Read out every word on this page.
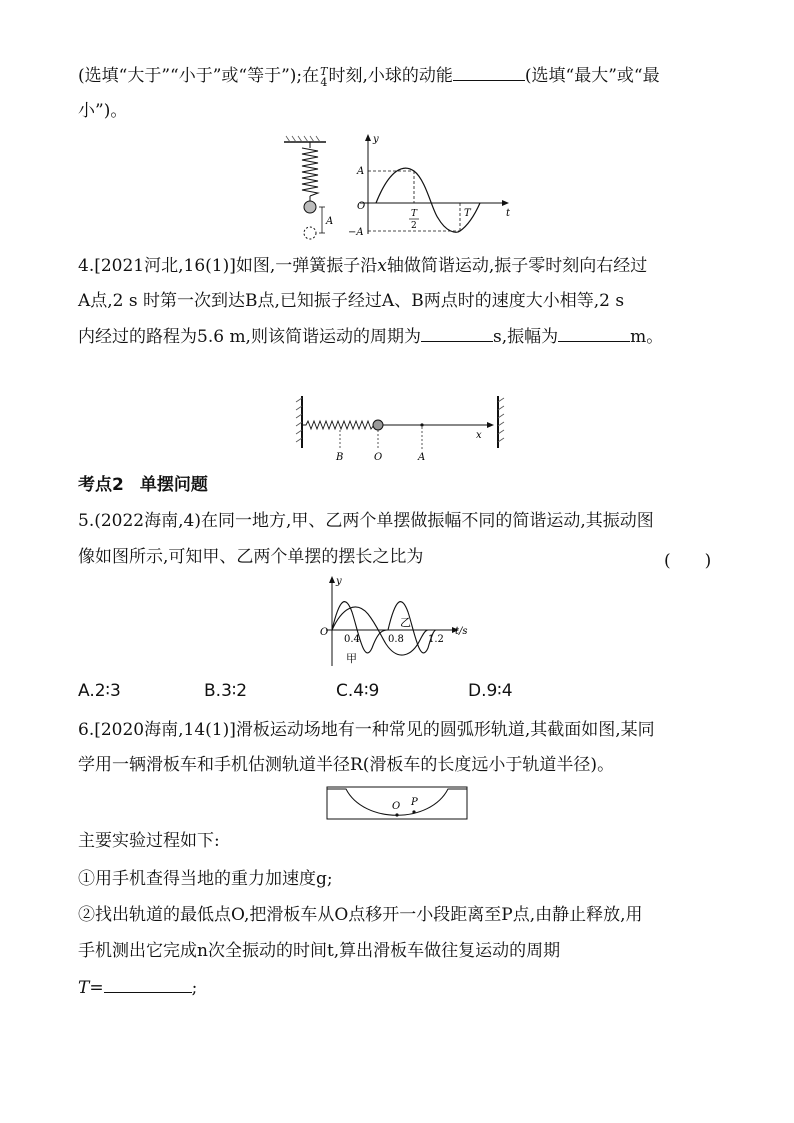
(选填“大于”“小于”或“等于”);在 T
4 时刻,小球的动能	(选填“最大”或“最
小”)。
A
y
t
A
O
−A
T
2
T
4.[2021河北,16(1)]如图,一弹簧振子沿x轴做简谐运动,振子零时刻向右经过
A点,2 s 时第一次到达B点,已知振子经过A、B两点时的速度大小相等,2 s
内经过的路程为5.6 m,则该简谐运动的周期为	s,振幅为	m。
B	O	A
x
考点2 单摆问题
5.(2022海南,4)在同一地方,甲、乙两个单摆做振幅不同的简谐运动,其振动图
像如图所示,可知甲、乙两个单摆的摆长之比为	(　　)
y
O
0.4	0.8 1.2
t/s
乙
甲
A.2∶3	B.3∶2	C.4∶9	D.9∶4
6.[2020海南,14(1)]滑板运动场地有一种常见的圆弧形轨道,其截面如图,某同
学用一辆滑板车和手机估测轨道半径R(滑板车的长度远小于轨道半径)。
O P
主要实验过程如下:
①用手机查得当地的重力加速度g;
②找出轨道的最低点O,把滑板车从O点移开一小段距离至P点,由静止释放,用
手机测出它完成n次全振动的时间t,算出滑板车做往复运动的周期
T=	;
